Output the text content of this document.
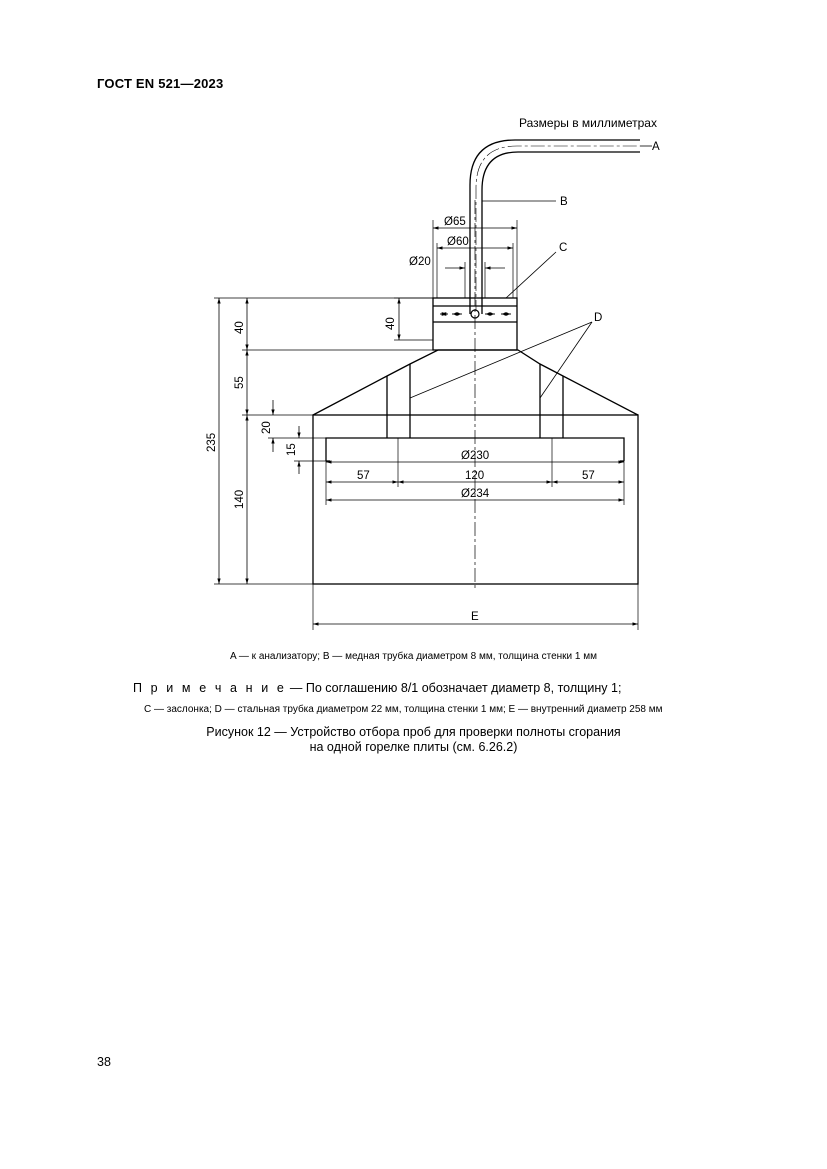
ГОСТ EN 521—2023
Размеры в миллиметрах
A
B
C
D
E
Ø65
Ø60
Ø20
Ø230
57	120	57
Ø234
235
40
55
140
20
15
40
A — к анализатору; B — медная трубка диаметром 8 мм, толщина стенки 1 мм
П р и м е ч а н и е — По соглашению 8/1 обозначает диаметр 8, толщину 1;
C — заслонка; D — стальная трубка диаметром 22 мм, толщина стенки 1 мм; E — внутренний диаметр 258 мм
Рисунок 12 — Устройство отбора проб для проверки полноты сгорания
на одной горелке плиты (см. 6.26.2)
38
